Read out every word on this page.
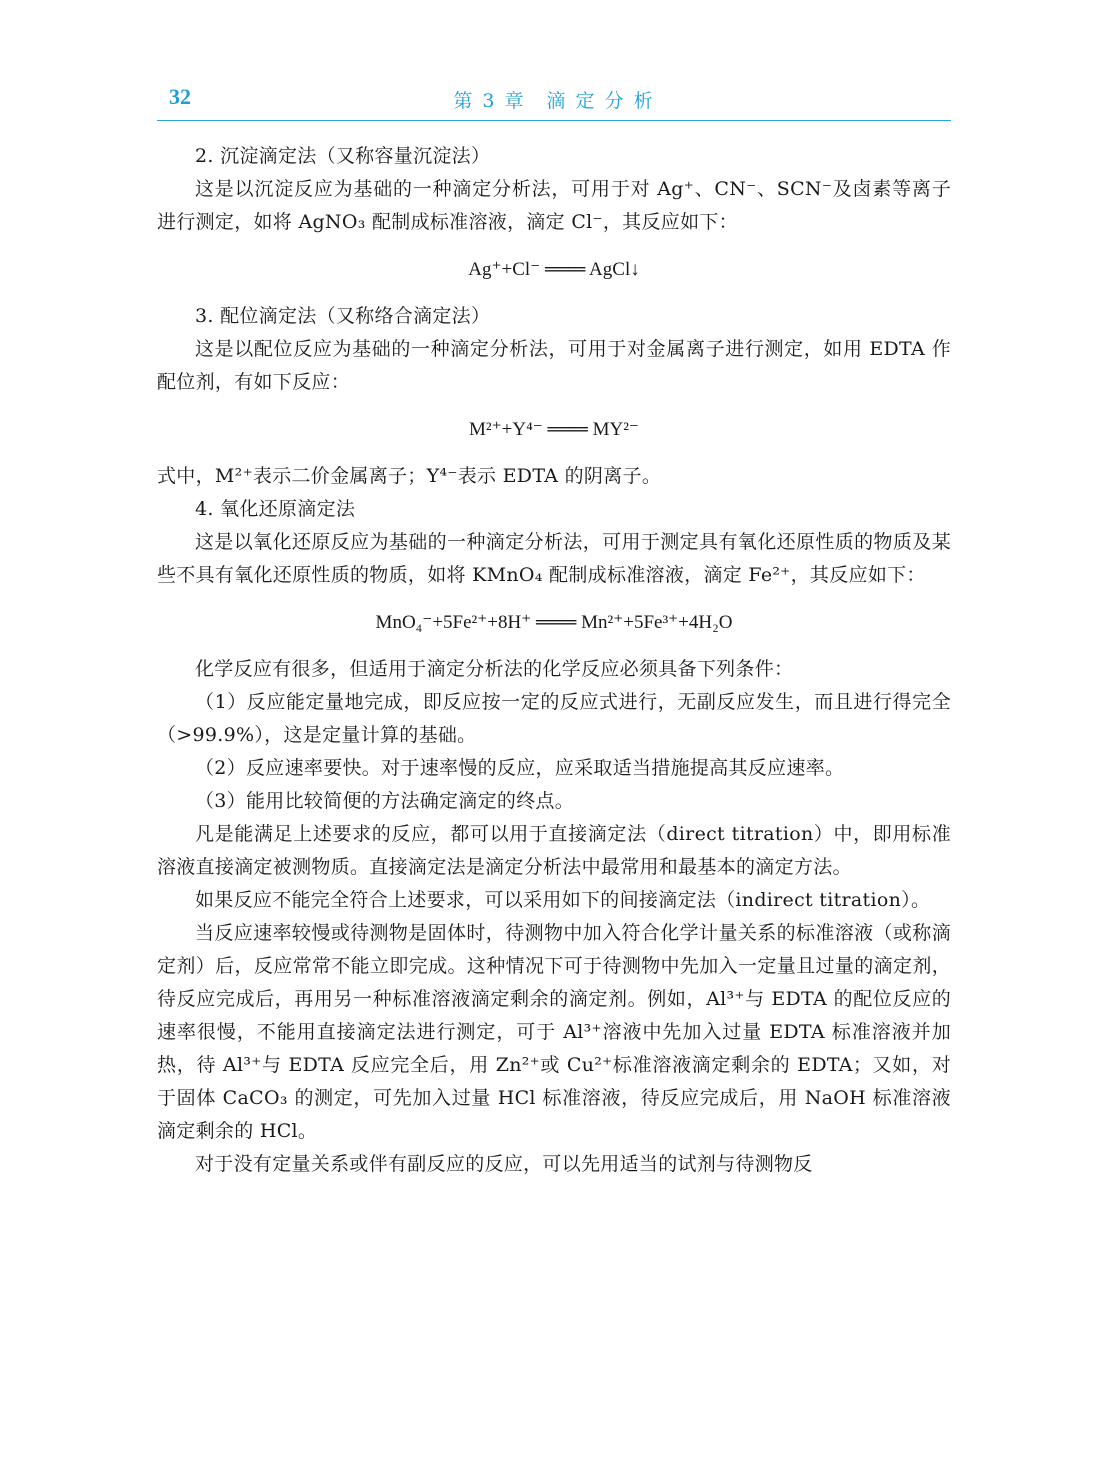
32	第 3 章　滴 定 分 析

2. 沉淀滴定法（又称容量沉淀法）

这是以沉淀反应为基础的一种滴定分析法，可用于对 Ag⁺、CN⁻、SCN⁻及卤素等离子进行测定，如将 AgNO₃ 配制成标准溶液，滴定 Cl⁻，其反应如下：

Ag⁺+Cl⁻ ═══ AgCl↓

3. 配位滴定法（又称络合滴定法）

这是以配位反应为基础的一种滴定分析法，可用于对金属离子进行测定，如用 EDTA 作配位剂，有如下反应：

M²⁺+Y⁴⁻ ═══ MY²⁻

式中，M²⁺表示二价金属离子；Y⁴⁻表示 EDTA 的阴离子。

4. 氧化还原滴定法

这是以氧化还原反应为基础的一种滴定分析法，可用于测定具有氧化还原性质的物质及某些不具有氧化还原性质的物质，如将 KMnO₄ 配制成标准溶液，滴定 Fe²⁺，其反应如下：

MnO₄⁻+5Fe²⁺+8H⁺ ═══ Mn²⁺+5Fe³⁺+4H₂O

化学反应有很多，但适用于滴定分析法的化学反应必须具备下列条件：

（1）反应能定量地完成，即反应按一定的反应式进行，无副反应发生，而且进行得完全（>99.9%），这是定量计算的基础。

（2）反应速率要快。对于速率慢的反应，应采取适当措施提高其反应速率。

（3）能用比较简便的方法确定滴定的终点。

凡是能满足上述要求的反应，都可以用于直接滴定法（direct titration）中，即用标准溶液直接滴定被测物质。直接滴定法是滴定分析法中最常用和最基本的滴定方法。

如果反应不能完全符合上述要求，可以采用如下的间接滴定法（indirect titration）。

当反应速率较慢或待测物是固体时，待测物中加入符合化学计量关系的标准溶液（或称滴定剂）后，反应常常不能立即完成。这种情况下可于待测物中先加入一定量且过量的滴定剂，待反应完成后，再用另一种标准溶液滴定剩余的滴定剂。例如，Al³⁺与 EDTA 的配位反应的速率很慢，不能用直接滴定法进行测定，可于 Al³⁺溶液中先加入过量 EDTA 标准溶液并加热，待 Al³⁺与 EDTA 反应完全后，用 Zn²⁺或 Cu²⁺标准溶液滴定剩余的 EDTA；又如，对于固体 CaCO₃ 的测定，可先加入过量 HCl 标准溶液，待反应完成后，用 NaOH 标准溶液滴定剩余的 HCl。

对于没有定量关系或伴有副反应的反应，可以先用适当的试剂与待测物反
